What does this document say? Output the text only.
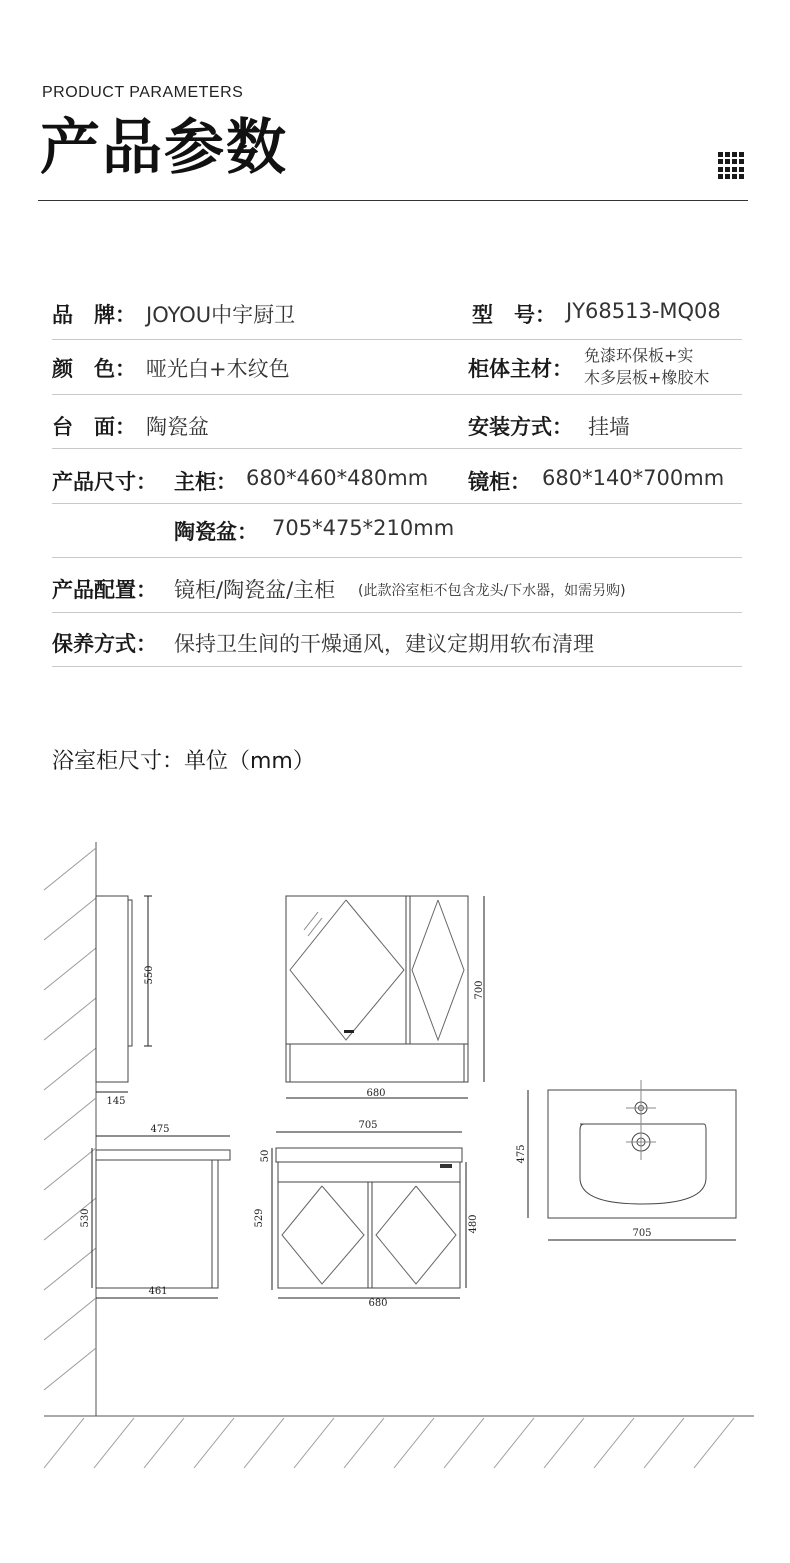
PRODUCT PARAMETERS
产品参数
品　牌： JOYOU中宇厨卫	型　号： JY68513-MQ08
颜　色： 哑光白+木纹色	柜体主材：
免漆环保板+实
木多层板+橡胶木
台　面： 陶瓷盆	安装方式： 挂墙
产品尺寸： 主柜： 680*460*480mm 镜柜： 680*140*700mm
陶瓷盆： 705*475*210mm
产品配置： 镜柜/陶瓷盆/主柜 (此款浴室柜不包含龙头/下水器，如需另购)
保养方式： 保持卫生间的干燥通风，建议定期用软布清理
浴室柜尺寸：单位（mm）
550
145
475
530
461
700
680
705
50
529	480
680
475
705
